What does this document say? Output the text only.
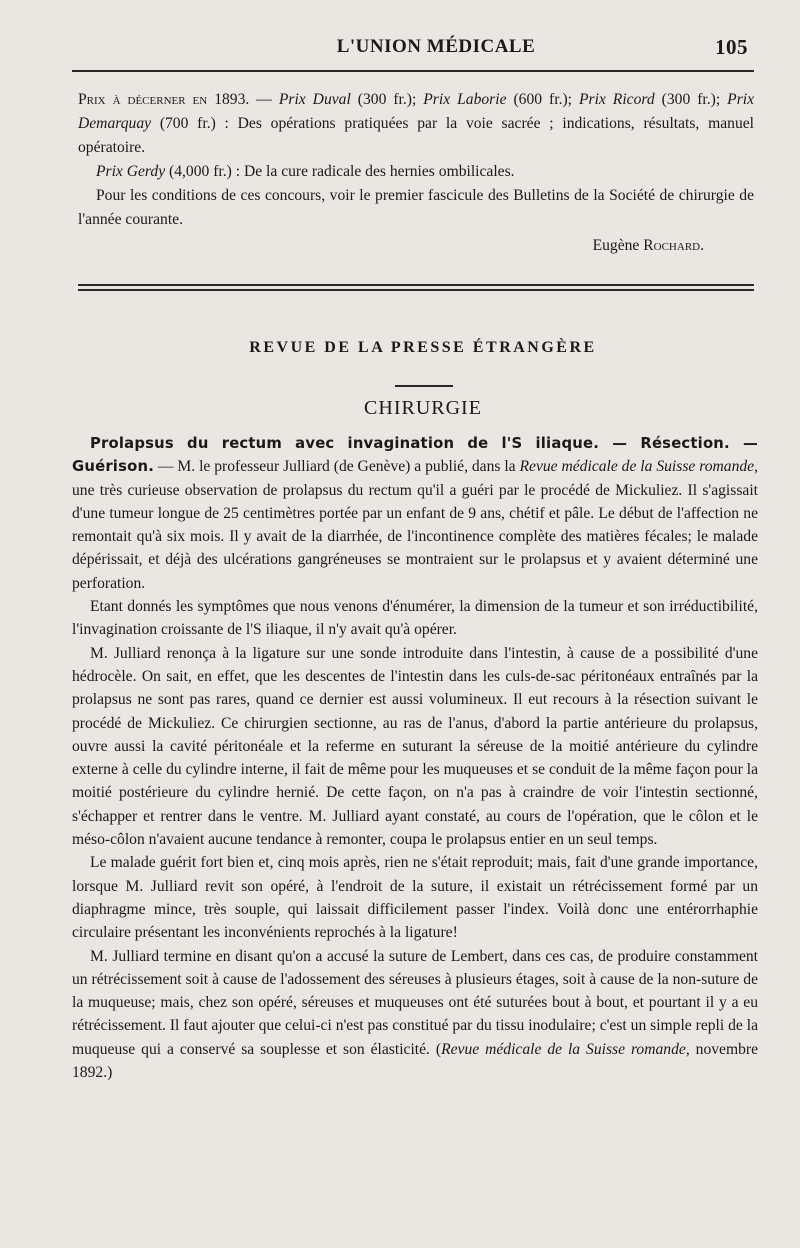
L'UNION MÉDICALE	105

Prix à décerner en 1893. — Prix Duval (300 fr.); Prix Laborie (600 fr.); Prix Ricord (300 fr.); Prix Demarquay (700 fr.) : Des opérations pratiquées par la voie sacrée ; indications, résultats, manuel opératoire.

Prix Gerdy (4,000 fr.) : De la cure radicale des hernies ombilicales.

Pour les conditions de ces concours, voir le premier fascicule des Bulletins de la Société de chirurgie de l'année courante.

Eugène Rochard.
REVUE DE LA PRESSE ÉTRANGÈRE
CHIRURGIE

Prolapsus du rectum avec invagination de l'S iliaque. — Résection. — Guérison. — M. le professeur Julliard (de Genève) a publié, dans la Revue médicale de la Suisse romande, une très curieuse observation de prolapsus du rectum qu'il a guéri par le procédé de Mickuliez. Il s'agissait d'une tumeur longue de 25 centimètres portée par un enfant de 9 ans, chétif et pâle. Le début de l'affection ne remontait qu'à six mois. Il y avait de la diarrhée, de l'incontinence complète des matières fécales; le malade dépérissait, et déjà des ulcérations gangréneuses se montraient sur le prolapsus et y avaient déterminé une perforation.

Etant donnés les symptômes que nous venons d'énumérer, la dimension de la tumeur et son irréductibilité, l'invagination croissante de l'S iliaque, il n'y avait qu'à opérer.

M. Julliard renonça à la ligature sur une sonde introduite dans l'intestin, à cause de a possibilité d'une hédrocèle. On sait, en effet, que les descentes de l'intestin dans les culs-de-sac péritonéaux entraînés par la prolapsus ne sont pas rares, quand ce dernier est aussi volumineux. Il eut recours à la résection suivant le procédé de Mickuliez. Ce chirurgien sectionne, au ras de l'anus, d'abord la partie antérieure du prolapsus, ouvre aussi la cavité péritonéale et la referme en suturant la séreuse de la moitié antérieure du cylindre externe à celle du cylindre interne, il fait de même pour les muqueuses et se conduit de la même façon pour la moitié postérieure du cylindre hernié. De cette façon, on n'a pas à craindre de voir l'intestin sectionné, s'échapper et rentrer dans le ventre. M. Julliard ayant constaté, au cours de l'opération, que le côlon et le méso-côlon n'avaient aucune tendance à remonter, coupa le prolapsus entier en un seul temps.

Le malade guérit fort bien et, cinq mois après, rien ne s'était reproduit; mais, fait d'une grande importance, lorsque M. Julliard revit son opéré, à l'endroit de la suture, il existait un rétrécissement formé par un diaphragme mince, très souple, qui laissait difficilement passer l'index. Voilà donc une entérorrhaphie circulaire présentant les inconvénients reprochés à la ligature!

M. Julliard termine en disant qu'on a accusé la suture de Lembert, dans ces cas, de produire constamment un rétrécissement soit à cause de l'adossement des séreuses à plusieurs étages, soit à cause de la non-suture de la muqueuse; mais, chez son opéré, séreuses et muqueuses ont été suturées bout à bout, et pourtant il y a eu rétrécissement. Il faut ajouter que celui-ci n'est pas constitué par du tissu inodulaire; c'est un simple repli de la muqueuse qui a conservé sa souplesse et son élasticité. (Revue médicale de la Suisse romande, novembre 1892.)
